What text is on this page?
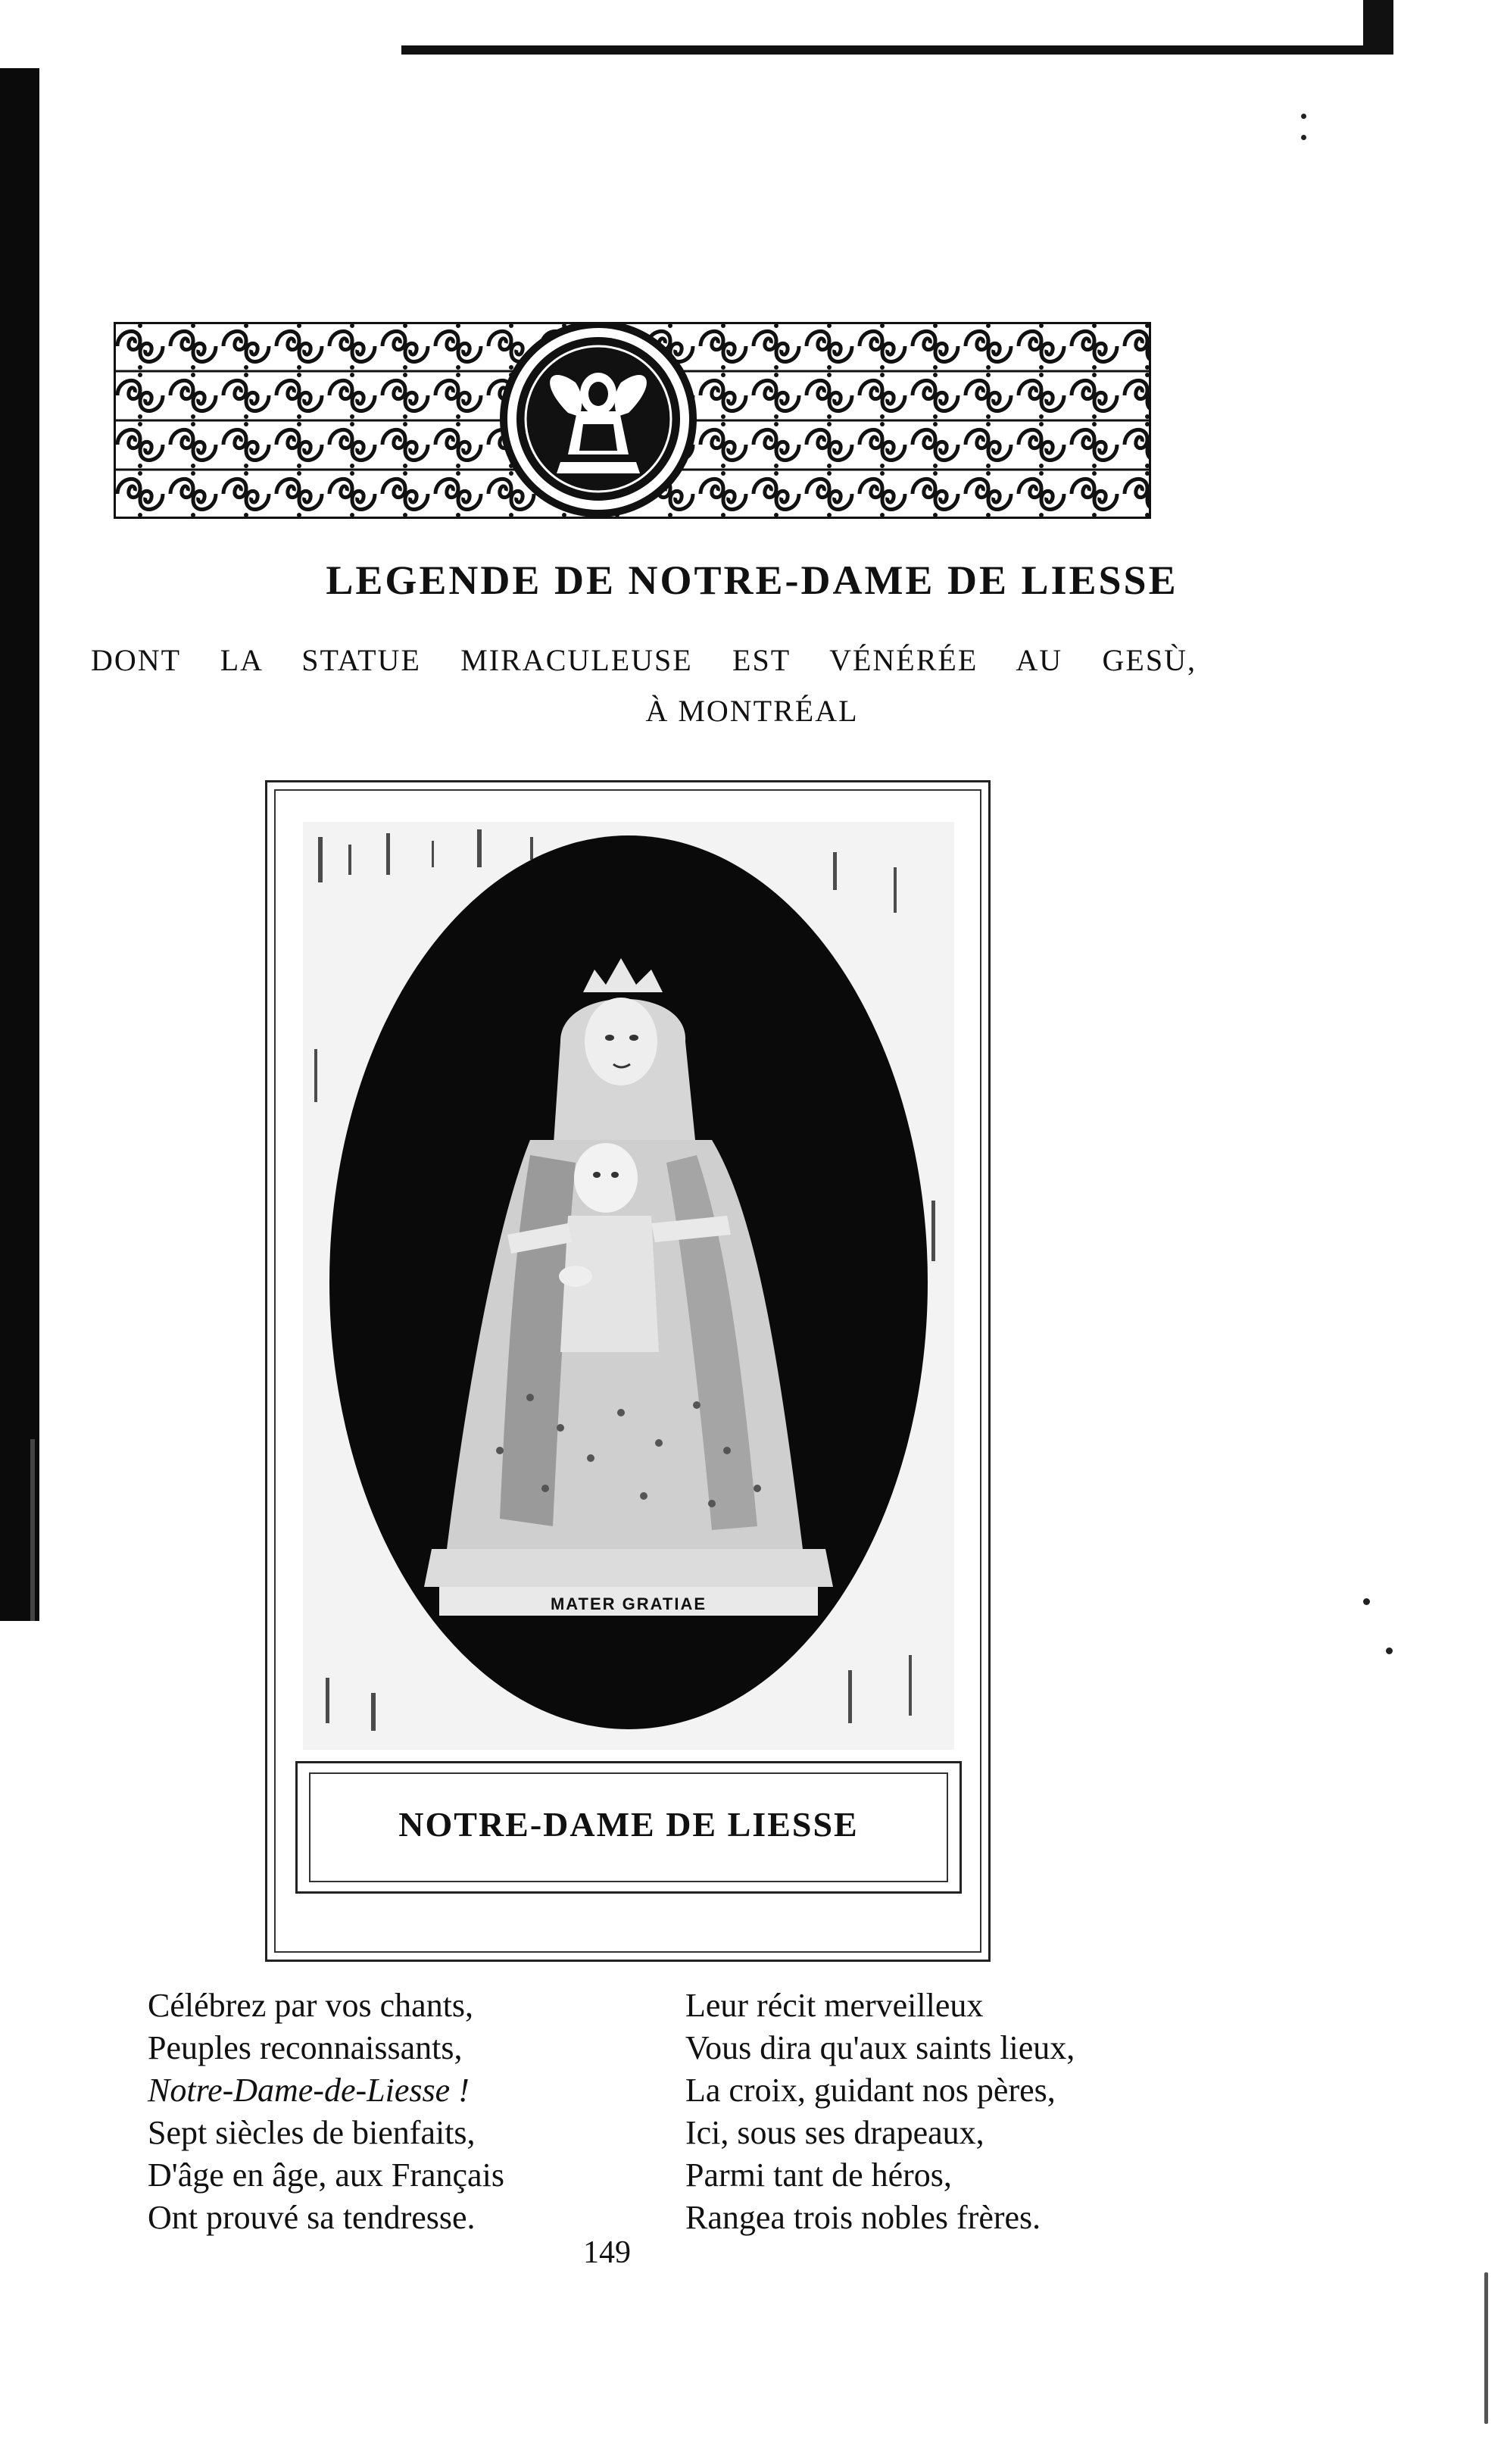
LEGENDE DE NOTRE-DAME DE LIESSE
DONT LA STATUE MIRACULEUSE EST VÉNÉRÉE AU GESÙ,
À MONTRÉAL
MATER GRATIAE
NOTRE-DAME DE LIESSE
Célébrez par vos chants,
Peuples reconnaissants,
Notre-Dame-de-Liesse !
Sept siècles de bienfaits,
D'âge en âge, aux Français
Ont prouvé sa tendresse.
Leur récit merveilleux
Vous dira qu'aux saints lieux,
La croix, guidant nos pères,
Ici, sous ses drapeaux,
Parmi tant de héros,
Rangea trois nobles frères.
149
